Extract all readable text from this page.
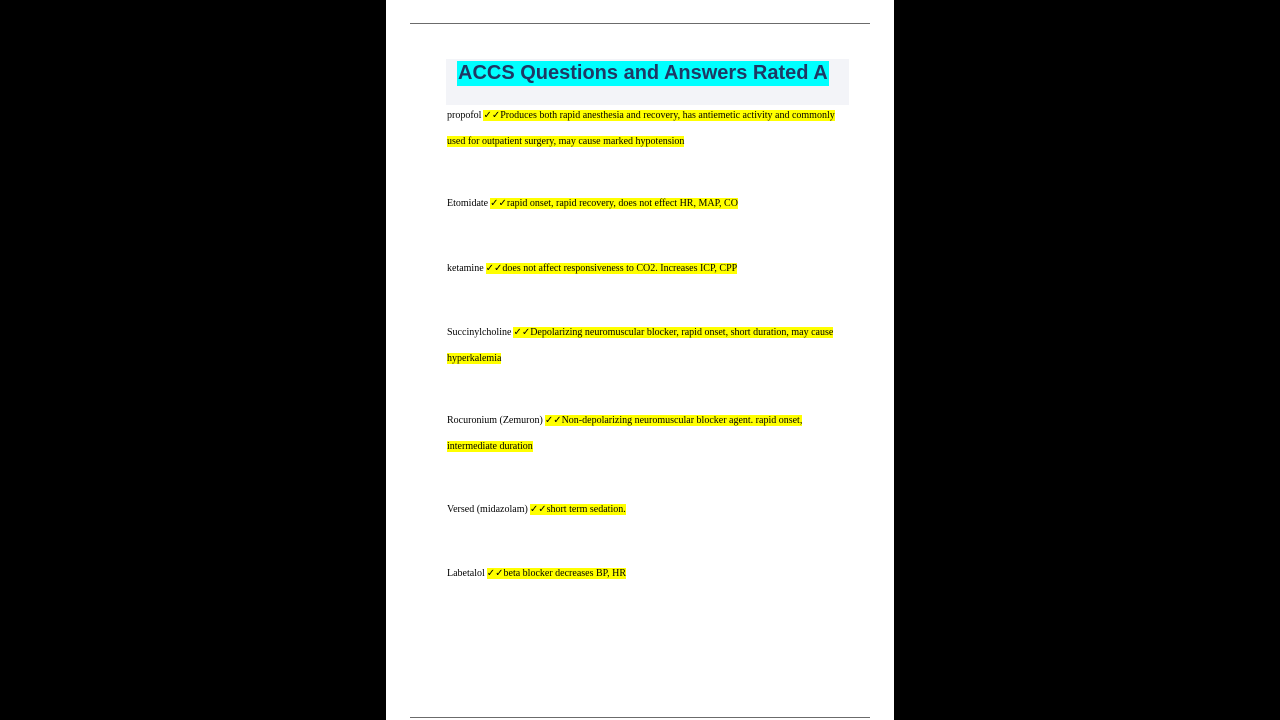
ACCS Questions and Answers Rated A
propofol ✓✓Produces both rapid anesthesia and recovery, has antiemetic activity and commonly used for outpatient surgery, may cause marked hypotension
Etomidate ✓✓rapid onset, rapid recovery, does not effect HR, MAP, CO
ketamine ✓✓does not affect responsiveness to CO2. Increases ICP, CPP
Succinylcholine ✓✓Depolarizing neuromuscular blocker, rapid onset, short duration, may cause hyperkalemia
Rocuronium (Zemuron) ✓✓Non-depolarizing neuromuscular blocker agent. rapid onset, intermediate duration
Versed (midazolam) ✓✓short term sedation.
Labetalol ✓✓beta blocker decreases BP, HR
